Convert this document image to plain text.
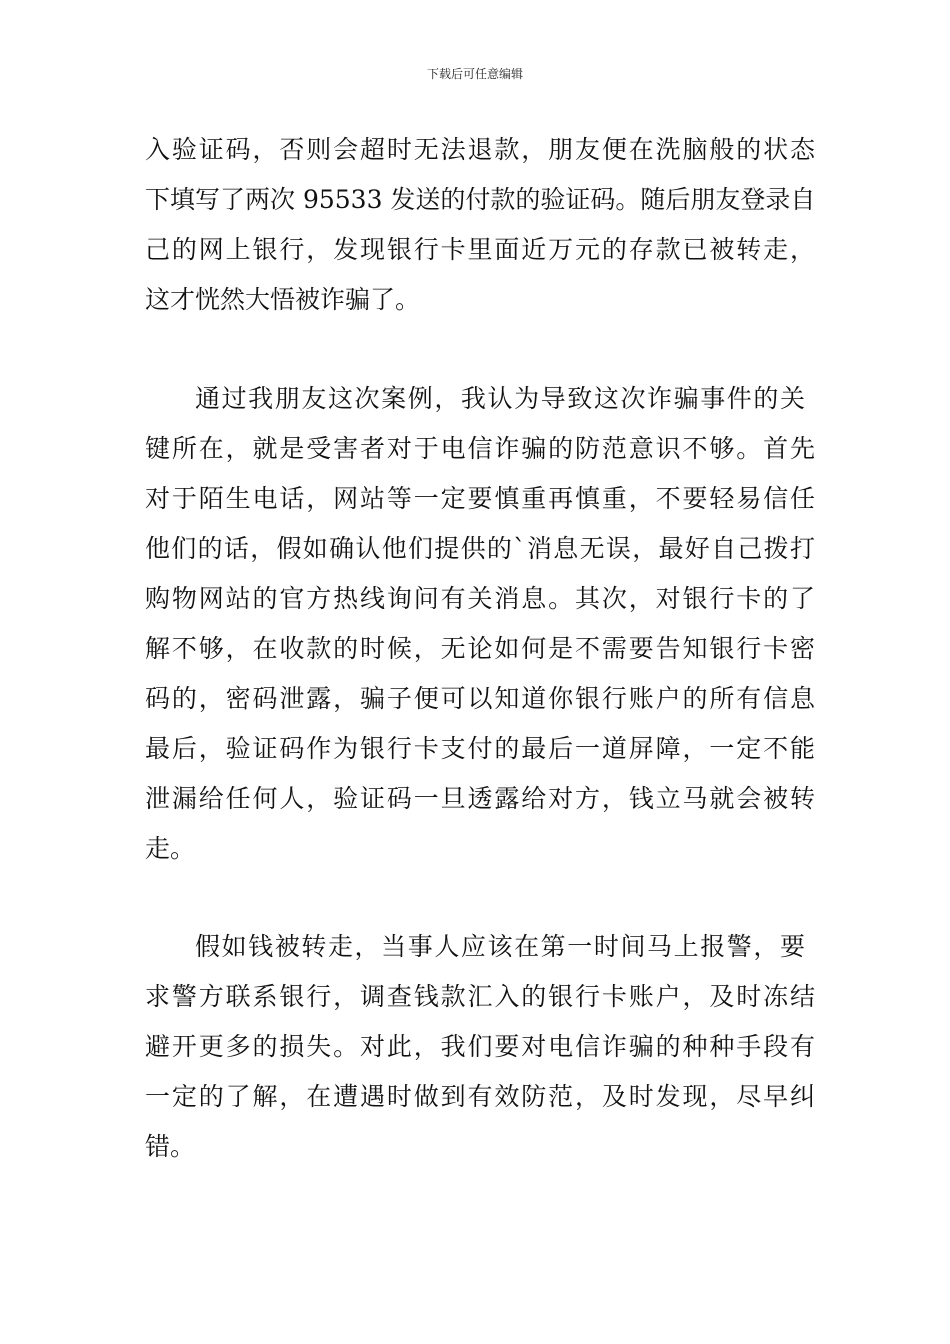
下载后可任意编辑
入验证码，否则会超时无法退款，朋友便在洗脑般的状态
下填写了两次 95533 发送的付款的验证码。随后朋友登录自
己的网上银行，发现银行卡里面近万元的存款已被转走，
这才恍然大悟被诈骗了。
通过我朋友这次案例，我认为导致这次诈骗事件的关
键所在，就是受害者对于电信诈骗的防范意识不够。首先
对于陌生电话，网站等一定要慎重再慎重，不要轻易信任
他们的话，假如确认他们提供的`消息无误，最好自己拨打
购物网站的官方热线询问有关消息。其次，对银行卡的了
解不够，在收款的时候，无论如何是不需要告知银行卡密
码的，密码泄露，骗子便可以知道你银行账户的所有信息
最后，验证码作为银行卡支付的最后一道屏障，一定不能
泄漏给任何人，验证码一旦透露给对方，钱立马就会被转
走。
假如钱被转走，当事人应该在第一时间马上报警，要
求警方联系银行，调查钱款汇入的银行卡账户，及时冻结
避开更多的损失。对此，我们要对电信诈骗的种种手段有
一定的了解，在遭遇时做到有效防范，及时发现，尽早纠
错。
